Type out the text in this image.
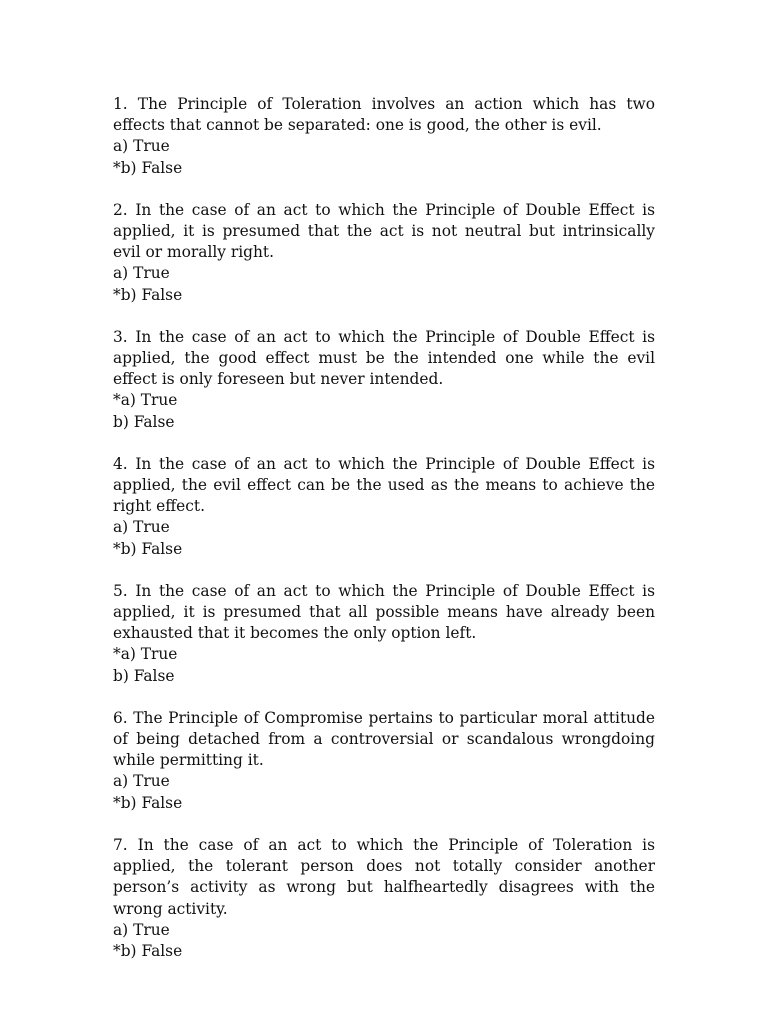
1. The Principle of Toleration involves an action which has two effects that cannot be separated: one is good, the other is evil.

a) True

*b) False

2. In the case of an act to which the Principle of Double Effect is applied, it is presumed that the act is not neutral but intrinsically evil or morally right.

a) True

*b) False

3. In the case of an act to which the Principle of Double Effect is applied, the good effect must be the intended one while the evil effect is only foreseen but never intended.

*a) True

b) False

4. In the case of an act to which the Principle of Double Effect is applied, the evil effect can be the used as the means to achieve the right effect.

a) True

*b) False

5. In the case of an act to which the Principle of Double Effect is applied, it is presumed that all possible means have already been exhausted that it becomes the only option left.

*a) True

b) False

6. The Principle of Compromise pertains to particular moral attitude of being detached from a controversial or scandalous wrongdoing while permitting it.

a) True

*b) False

7. In the case of an act to which the Principle of Toleration is applied, the tolerant person does not totally consider another person’s activity as wrong but halfheartedly disagrees with the wrong activity.

a) True

*b) False
